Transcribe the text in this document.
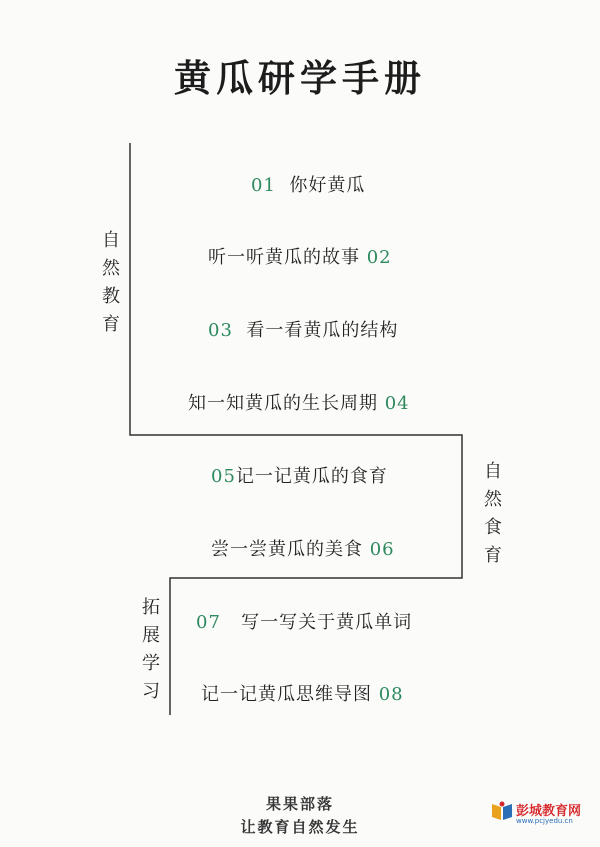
黄瓜研学手册
自
然
教
育
自
然
食
育
拓
展
学
习
01 你好黄瓜
听一听黄瓜的故事 02
03 看一看黄瓜的结构
知一知黄瓜的生长周期 04
05记一记黄瓜的食育
尝一尝黄瓜的美食 06
07 写一写关于黄瓜单词
记一记黄瓜思维导图 08
果果部落
让教育自然发生
彭城教育网
www.pcjyedu.cn
